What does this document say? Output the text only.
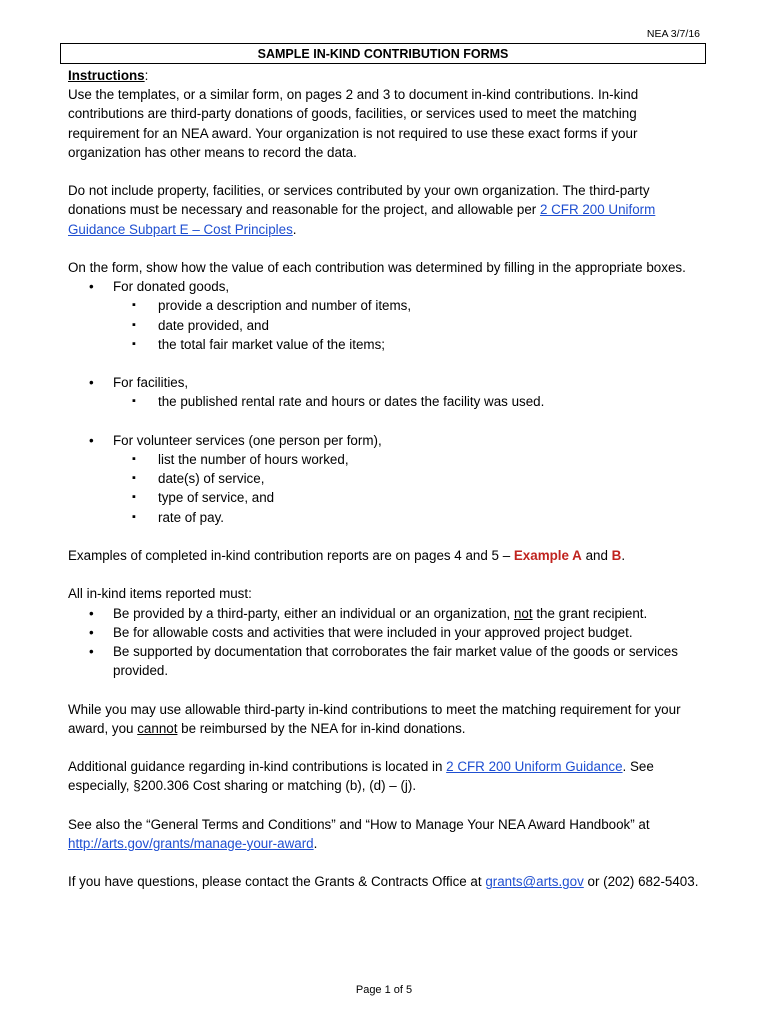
NEA 3/7/16
SAMPLE IN-KIND CONTRIBUTION FORMS

Instructions:

Use the templates, or a similar form, on pages 2 and 3 to document in-kind contributions. In-kind contributions are third-party donations of goods, facilities, or services used to meet the matching requirement for an NEA award. Your organization is not required to use these exact forms if your organization has other means to record the data.

Do not include property, facilities, or services contributed by your own organization. The third-party donations must be necessary and reasonable for the project, and allowable per 2 CFR 200 Uniform Guidance Subpart E – Cost Principles.

On the form, show how the value of each contribution was determined by filling in the appropriate boxes.

• For donated goods,
▪ provide a description and number of items,
▪ date provided, and
▪ the total fair market value of the items;
• For facilities,
▪ the published rental rate and hours or dates the facility was used.
• For volunteer services (one person per form),
▪ list the number of hours worked,
▪ date(s) of service,
▪ type of service, and
▪ rate of pay.

Examples of completed in-kind contribution reports are on pages 4 and 5 – Example A and B.

All in-kind items reported must:

• Be provided by a third-party, either an individual or an organization, not the grant recipient.
• Be for allowable costs and activities that were included in your approved project budget.
• Be supported by documentation that corroborates the fair market value of the goods or services provided.

While you may use allowable third-party in-kind contributions to meet the matching requirement for your award, you cannot be reimbursed by the NEA for in-kind donations.

Additional guidance regarding in-kind contributions is located in 2 CFR 200 Uniform Guidance. See especially, §200.306 Cost sharing or matching (b), (d) – (j).

See also the “General Terms and Conditions” and “How to Manage Your NEA Award Handbook” at http://arts.gov/grants/manage-your-award.

If you have questions, please contact the Grants & Contracts Office at grants@arts.gov or (202) 682-5403.

Page 1 of 5
